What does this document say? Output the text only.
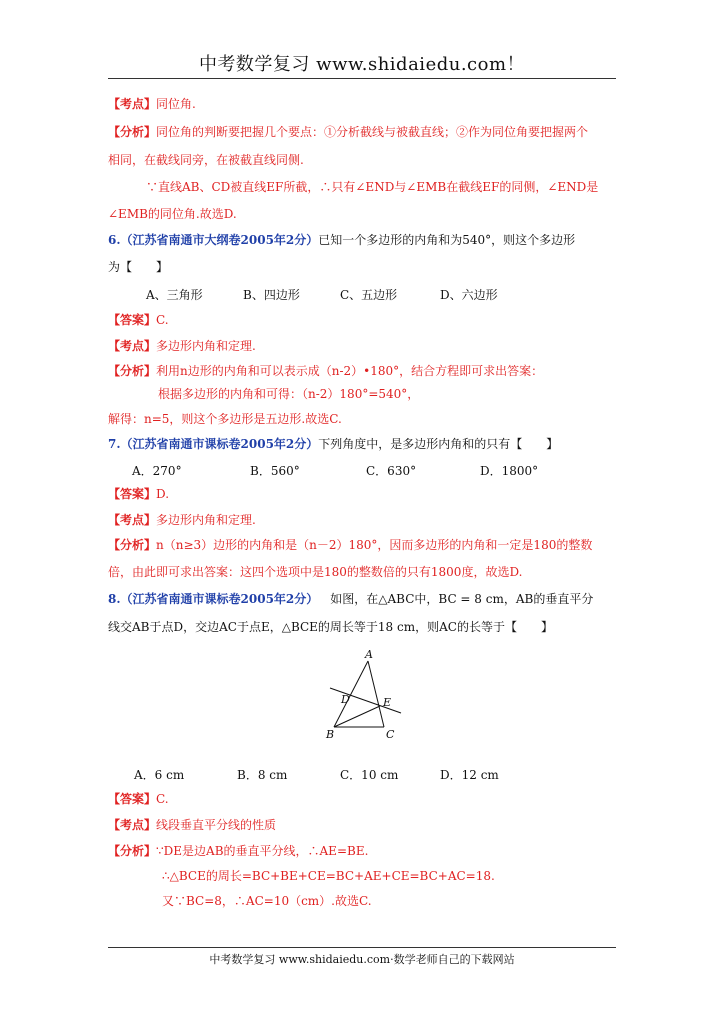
中考数学复习 www.shidaiedu.com！
【考点】同位角.
【分析】同位角的判断要把握几个要点：①分析截线与被截直线；②作为同位角要把握两个
相同，在截线同旁，在被截直线同侧.
∵直线AB、CD被直线EF所截，∴只有∠END与∠EMB在截线EF的同侧，∠END是
∠EMB的同位角.故选D.
6.（江苏省南通市大纲卷2005年2分）已知一个多边形的内角和为540°，则这个多边形
为【　　】
A、三角形	B、四边形	C、五边形	D、六边形
【答案】C.
【考点】多边形内角和定理.
【分析】利用n边形的内角和可以表示成（n-2）•180°，结合方程即可求出答案：
根据多边形的内角和可得：（n-2）180°=540°，
解得：n=5，则这个多边形是五边形.故选C.
7.（江苏省南通市课标卷2005年2分）下列角度中，是多边形内角和的只有【　　】
A．270°	B．560°	C．630°	D．1800°
【答案】D.
【考点】多边形内角和定理.
【分析】n（n≥3）边形的内角和是（n－2）180°，因而多边形的内角和一定是180的整数
倍，由此即可求出答案：这四个选项中是180的整数倍的只有1800度，故选D.
8.（江苏省南通市课标卷2005年2分） 如图，在△ABC中，BC = 8 cm，AB的垂直平分
线交AB于点D，交边AC于点E，△BCE的周长等于18 cm，则AC的长等于【　　】
A
B	C
D	E
A．6 cm	B．8 cm	C．10 cm	D．12 cm
【答案】C.
【考点】线段垂直平分线的性质
【分析】∵DE是边AB的垂直平分线，∴AE=BE.
∴△BCE的周长=BC+BE+CE=BC+AE+CE=BC+AC=18.
又∵BC=8，∴AC=10（cm）.故选C.
中考数学复习 www.shidaiedu.com·数学老师自己的下载网站
